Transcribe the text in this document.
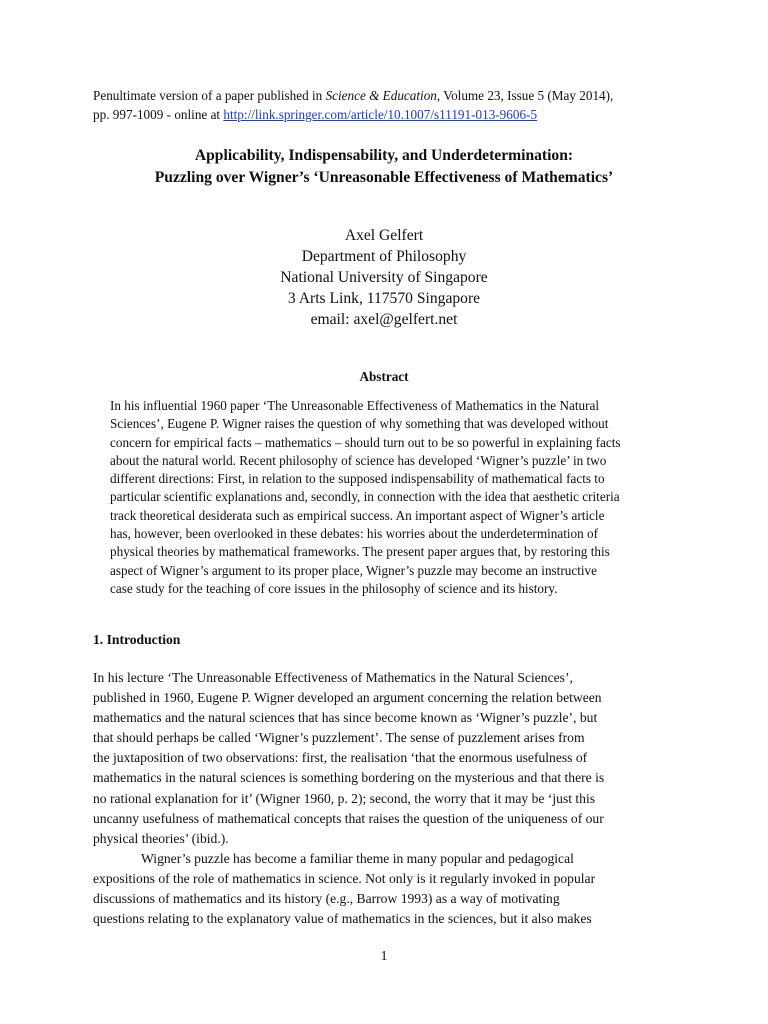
Penultimate version of a paper published in Science & Education, Volume 23, Issue 5 (May 2014),
pp. 997-1009 - online at http://link.springer.com/article/10.1007/s11191-013-9606-5
Applicability, Indispensability, and Underdetermination:
Puzzling over Wigner’s ‘Unreasonable Effectiveness of Mathematics’
Axel Gelfert
Department of Philosophy
National University of Singapore
3 Arts Link, 117570 Singapore
email: axel@gelfert.net
Abstract
In his influential 1960 paper ‘The Unreasonable Effectiveness of Mathematics in the Natural
Sciences’, Eugene P. Wigner raises the question of why something that was developed without
concern for empirical facts – mathematics – should turn out to be so powerful in explaining facts
about the natural world. Recent philosophy of science has developed ‘Wigner’s puzzle’ in two
different directions: First, in relation to the supposed indispensability of mathematical facts to
particular scientific explanations and, secondly, in connection with the idea that aesthetic criteria
track theoretical desiderata such as empirical success. An important aspect of Wigner’s article
has, however, been overlooked in these debates: his worries about the underdetermination of
physical theories by mathematical frameworks. The present paper argues that, by restoring this
aspect of Wigner’s argument to its proper place, Wigner’s puzzle may become an instructive
case study for the teaching of core issues in the philosophy of science and its history.
1. Introduction
In his lecture ‘The Unreasonable Effectiveness of Mathematics in the Natural Sciences’,
published in 1960, Eugene P. Wigner developed an argument concerning the relation between
mathematics and the natural sciences that has since become known as ‘Wigner’s puzzle’, but
that should perhaps be called ‘Wigner’s puzzlement’. The sense of puzzlement arises from
the juxtaposition of two observations: first, the realisation ‘that the enormous usefulness of
mathematics in the natural sciences is something bordering on the mysterious and that there is
no rational explanation for it’ (Wigner 1960, p. 2); second, the worry that it may be ‘just this
uncanny usefulness of mathematical concepts that raises the question of the uniqueness of our
physical theories’ (ibid.).
Wigner’s puzzle has become a familiar theme in many popular and pedagogical
expositions of the role of mathematics in science. Not only is it regularly invoked in popular
discussions of mathematics and its history (e.g., Barrow 1993) as a way of motivating
questions relating to the explanatory value of mathematics in the sciences, but it also makes
1
